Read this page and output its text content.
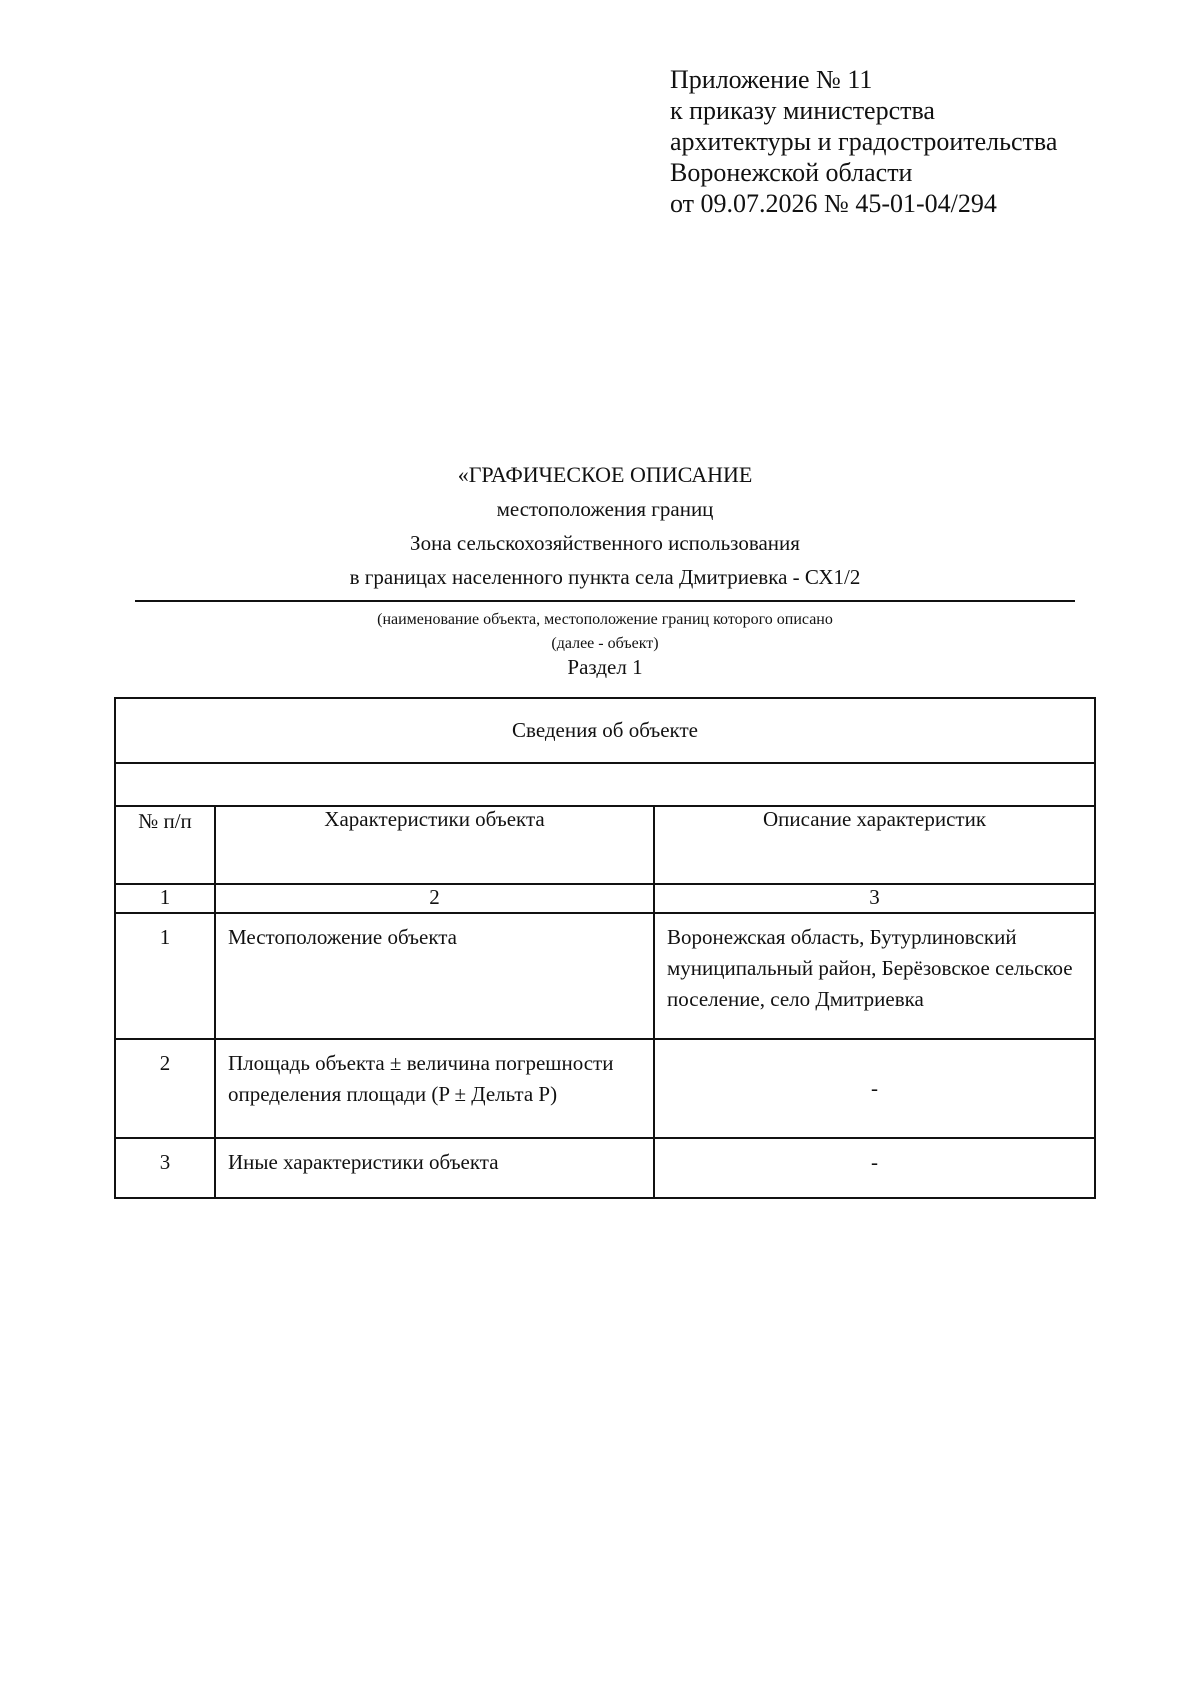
Приложение № 11
к приказу министерства
архитектуры и градостроительства
Воронежской области
от 09.07.2026 № 45-01-04/294
«ГРАФИЧЕСКОЕ ОПИСАНИЕ
местоположения границ
Зона сельскохозяйственного использования
в границах населенного пункта села Дмитриевка - СХ1/2
(наименование объекта, местоположение границ которого описано
(далее - объект)
Раздел 1
Сведения об объекте		

№ п/п	Характеристики объекта	Описание характеристик
1	2	3
1	Местоположение объекта	Воронежская область, Бутурлиновский муниципальный район, Берёзовское сельское поселение, село Дмитриевка
2	Площадь объекта ± величина погрешности определения площади (P ± Дельта P)	-
3	Иные характеристики объекта	-
